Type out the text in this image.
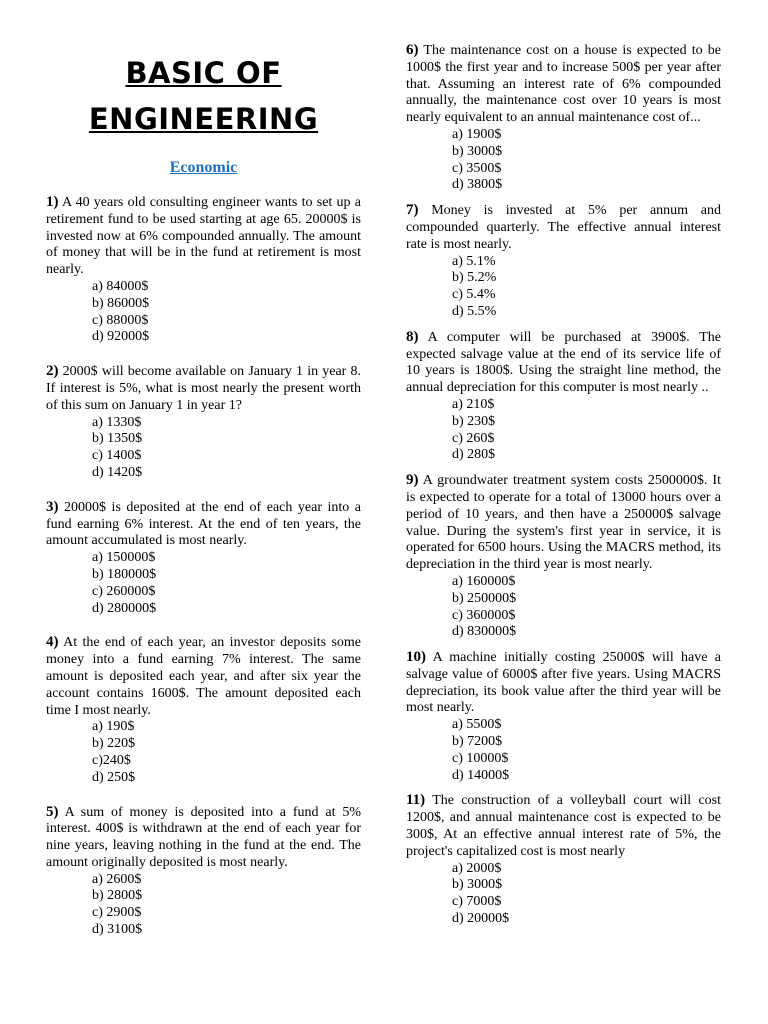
BASIC OF
ENGINEERING
Economic
1) A 40 years old consulting engineer wants to set up a retirement fund to be used starting at age 65. 20000$ is invested now at 6% compounded annually. The amount of money that will be in the fund at retirement is most nearly.
a) 84000$
b) 86000$
c) 88000$
d) 92000$
2) 2000$ will become available on January 1 in year 8. If interest is 5%, what is most nearly the present worth of this sum on January 1 in year 1?
a) 1330$
b) 1350$
c) 1400$
d) 1420$
3) 20000$ is deposited at the end of each year into a fund earning 6% interest. At the end of ten years, the amount accumulated is most nearly.
a) 150000$
b) 180000$
c) 260000$
d) 280000$
4) At the end of each year, an investor deposits some money into a fund earning 7% interest. The same amount is deposited each year, and after six year the account contains 1600$. The amount deposited each time I most nearly.
a) 190$
b) 220$
c)240$
d) 250$
5) A sum of money is deposited into a fund at 5% interest. 400$ is withdrawn at the end of each year for nine years, leaving nothing in the fund at the end. The amount originally deposited is most nearly.
a) 2600$
b) 2800$
c) 2900$
d) 3100$
6) The maintenance cost on a house is expected to be 1000$ the first year and to increase 500$ per year after that. Assuming an interest rate of 6% compounded annually, the maintenance cost over 10 years is most nearly equivalent to an annual maintenance cost of...
a) 1900$
b) 3000$
c) 3500$
d) 3800$
7) Money is invested at 5% per annum and compounded quarterly. The effective annual interest rate is most nearly.
a) 5.1%
b) 5.2%
c) 5.4%
d) 5.5%
8) A computer will be purchased at 3900$. The expected salvage value at the end of its service life of 10 years is 1800$. Using the straight line method, the annual depreciation for this computer is most nearly ..
a) 210$
b) 230$
c) 260$
d) 280$
9) A groundwater treatment system costs 2500000$. It is expected to operate for a total of 13000 hours over a period of 10 years, and then have a 250000$ salvage value. During the system's first year in service, it is operated for 6500 hours. Using the MACRS method, its depreciation in the third year is most nearly.
a) 160000$
b) 250000$
c) 360000$
d) 830000$
10) A machine initially costing 25000$ will have a salvage value of 6000$ after five years. Using MACRS depreciation, its book value after the third year will be most nearly.
a) 5500$
b) 7200$
c) 10000$
d) 14000$
11) The construction of a volleyball court will cost 1200$, and annual maintenance cost is expected to be 300$, At an effective annual interest rate of 5%, the project's capitalized cost is most nearly
a) 2000$
b) 3000$
c) 7000$
d) 20000$
